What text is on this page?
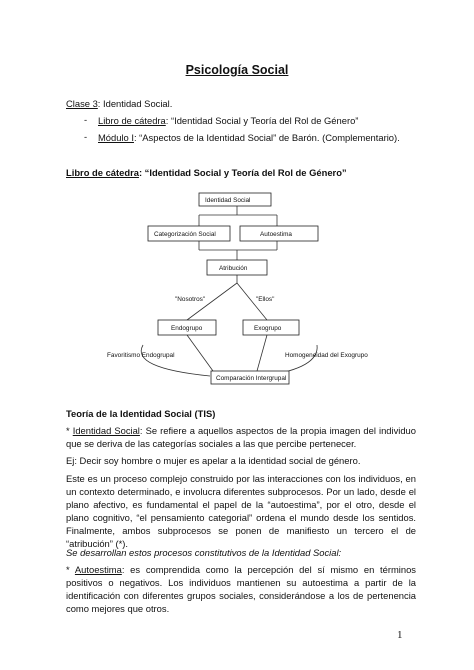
Psicología Social
Clase 3: Identidad Social.
- Libro de cátedra: “Identidad Social y Teoría del Rol de Género”
- Módulo I: “Aspectos de la Identidad Social” de Barón. (Complementario).
Libro de cátedra: “Identidad Social y Teoría del Rol de Género”
Identidad Social
Categorización Social	Autoestima
Atribución
"Nosotros"	"Ellos"
Endogrupo	Exogrupo
Favoritismo Endogrupal	Homogeneidad del Exogrupo
Comparación Intergrupal
Teoría de la Identidad Social (TIS)
* Identidad Social: Se refiere a aquellos aspectos de la propia imagen del individuo que se deriva de las categorías sociales a las que percibe pertenecer.
Ej: Decir soy hombre o mujer es apelar a la identidad social de género.
Este es un proceso complejo construido por las interacciones con los individuos, en un contexto determinado, e involucra diferentes subprocesos. Por un lado, desde el plano afectivo, es fundamental el papel de la “autoestima”, por el otro, desde el plano cognitivo, “el pensamiento categorial” ordena el mundo desde los sentidos. Finalmente, ambos subprocesos se ponen de manifiesto un tercero el de “atribución” (*).
Se desarrollan estos procesos constitutivos de la Identidad Social:
* Autoestima: es comprendida como la percepción del sí mismo en términos positivos o negativos. Los individuos mantienen su autoestima a partir de la identificación con diferentes grupos sociales, considerándose a los de pertenencia como mejores que otros.
1
